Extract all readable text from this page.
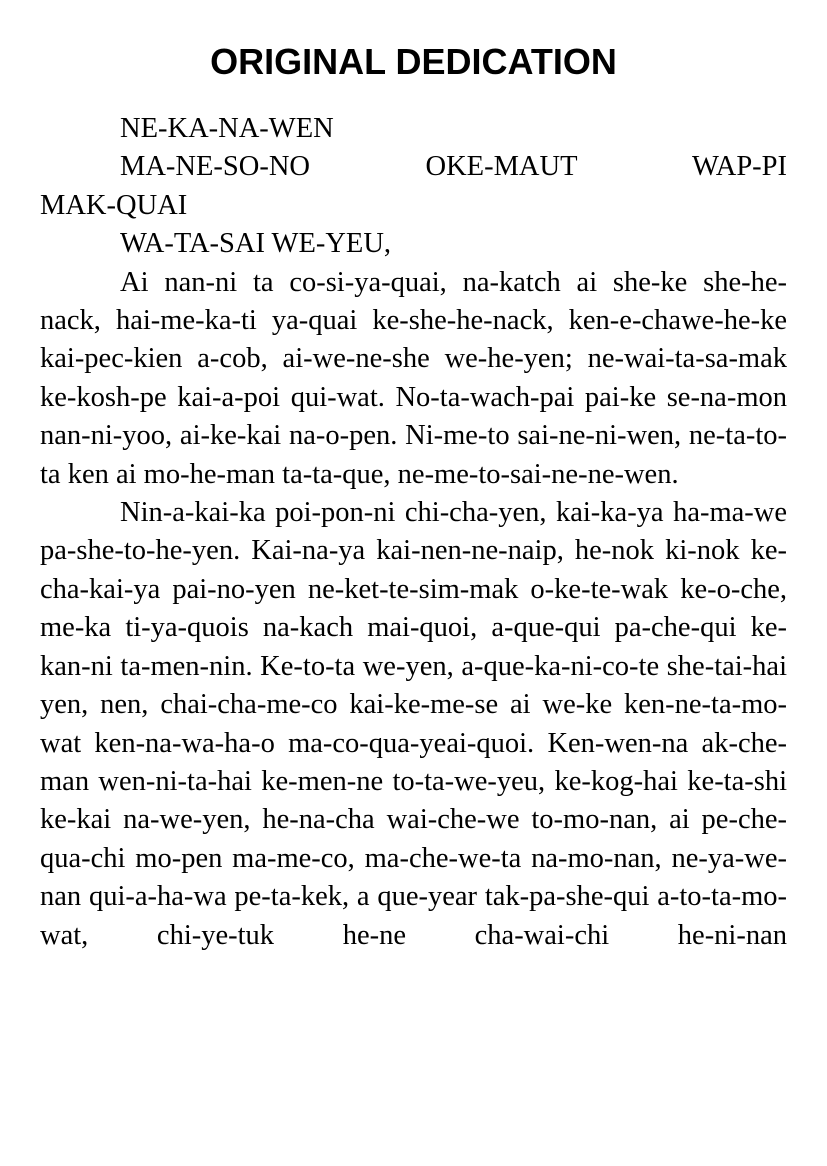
ORIGINAL DEDICATION

NE-KA-NA-WEN

MA-NE-SO-NO OKE-MAUT WAP-PI

MAK-QUAI

WA-TA-SAI WE-YEU,

Ai nan-ni ta co-si-ya-quai, na-katch ai she-ke she-he-nack, hai-me-ka-ti ya-quai ke-she-he-nack, ken-e-chawe-he-ke kai-pec-kien a-cob, ai-we-ne-she we-he-yen; ne-wai-ta-sa-mak ke-kosh-pe kai-a-poi qui-wat. No-ta-wach-pai pai-ke se-na-mon nan-ni-yoo, ai-ke-kai na-o-pen. Ni-me-to sai-ne-ni-wen, ne-ta-to-ta ken ai mo-he-man ta-ta-que, ne-me-to-sai-ne-ne-wen.

Nin-a-kai-ka poi-pon-ni chi-cha-yen, kai-ka-ya ha-ma-we pa-she-to-he-yen. Kai-na-ya kai-nen-ne-naip, he-nok ki-nok ke-cha-kai-ya pai-no-yen ne-ket-te-sim-mak o-ke-te-wak ke-o-che, me-ka ti-ya-quois na-kach mai-quoi, a-que-qui pa-che-qui ke-kan-ni ta-men-nin. Ke-to-ta we-yen, a-que-ka-ni-co-te she-tai-hai yen, nen, chai-cha-me-co kai-ke-me-se ai we-ke ken-ne-ta-mo-wat ken-na-wa-ha-o ma-co-qua-yeai-quoi. Ken-wen-na ak-che-man wen-ni-ta-hai ke-men-ne to-ta-we-yeu, ke-kog-hai ke-ta-shi ke-kai na-we-yen, he-na-cha wai-che-we to-mo-nan, ai pe-che-qua-chi mo-pen ma-me-co, ma-che-we-ta na-mo-nan, ne-ya-we-nan qui-a-ha-wa pe-ta-kek, a que-year tak-pa-she-qui a-to-ta-mo-wat, chi-ye-tuk he-ne cha-wai-chi he-ni-nan
